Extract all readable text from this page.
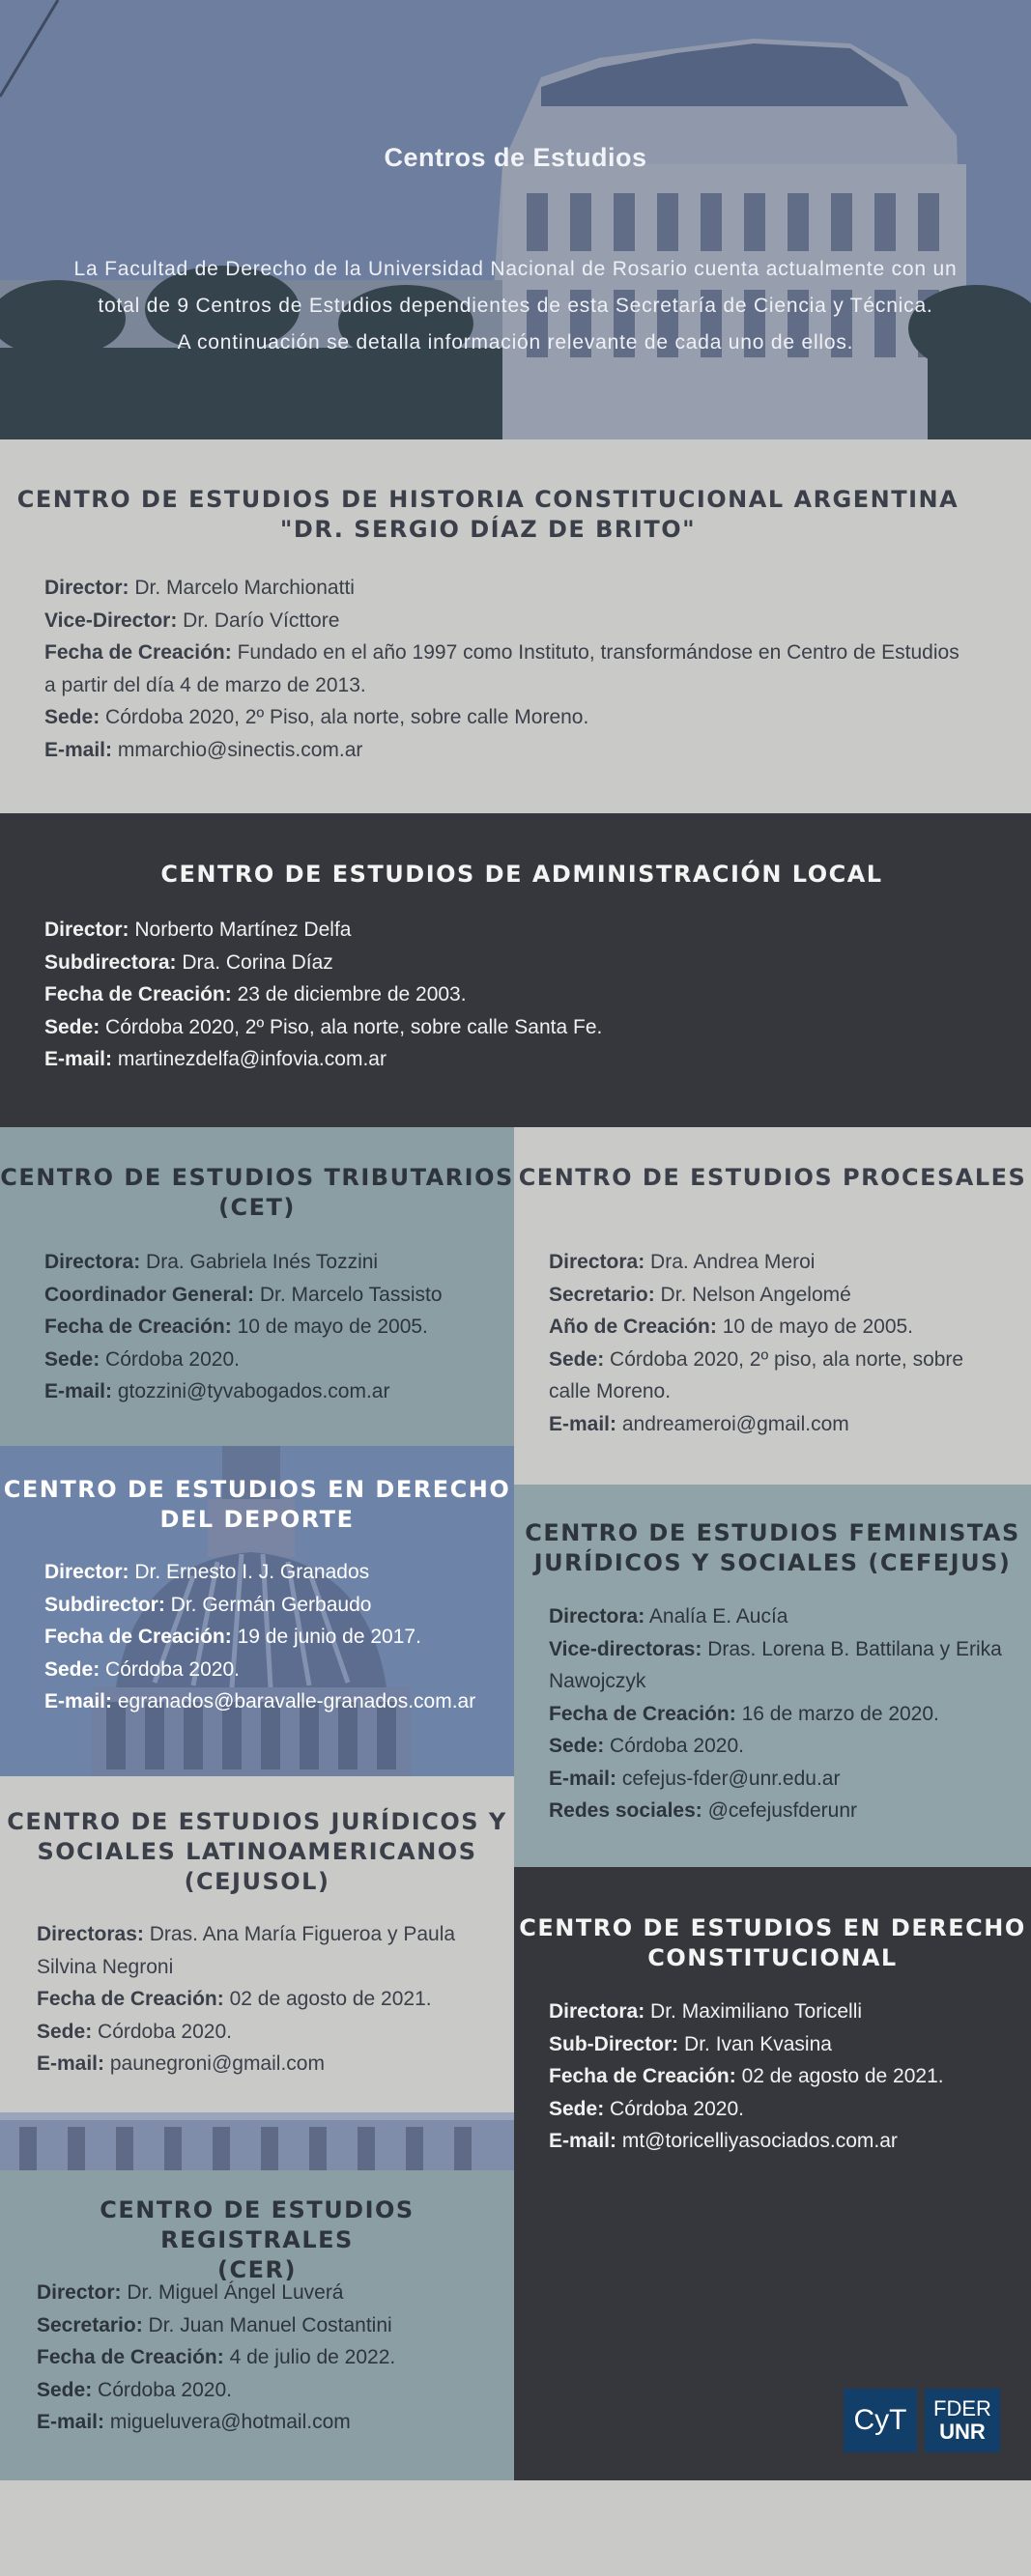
Centros de Estudios
La Facultad de Derecho de la Universidad Nacional de Rosario cuenta actualmente con un
total de 9 Centros de Estudios dependientes de esta Secretaría de Ciencia y Técnica.
A continuación se detalla información relevante de cada uno de ellos.
CENTRO DE ESTUDIOS DE HISTORIA CONSTITUCIONAL ARGENTINA
"DR. SERGIO DÍAZ DE BRITO"
Director: Dr. Marcelo Marchionatti
Vice-Director: Dr. Darío Vícttore
Fecha de Creación: Fundado en el año 1997 como Instituto, transformándose en Centro de Estudios
a partir del día 4 de marzo de 2013.
Sede: Córdoba 2020, 2º Piso, ala norte, sobre calle Moreno.
E-mail: mmarchio@sinectis.com.ar
CENTRO DE ESTUDIOS DE ADMINISTRACIÓN LOCAL
Director: Norberto Martínez Delfa
Subdirectora: Dra. Corina Díaz
Fecha de Creación: 23 de diciembre de 2003.
Sede: Córdoba 2020, 2º Piso, ala norte, sobre calle Santa Fe.
E-mail: martinezdelfa@infovia.com.ar
CENTRO DE ESTUDIOS TRIBUTARIOS
(CET)
Directora: Dra. Gabriela Inés Tozzini
Coordinador General: Dr. Marcelo Tassisto
Fecha de Creación: 10 de mayo de 2005.
Sede: Córdoba 2020.
E-mail: gtozzini@tyvabogados.com.ar
CENTRO DE ESTUDIOS PROCESALES
Directora: Dra. Andrea Meroi
Secretario: Dr. Nelson Angelomé
Año de Creación: 10 de mayo de 2005.
Sede: Córdoba 2020, 2º piso, ala norte, sobre
calle Moreno.
E-mail: andreameroi@gmail.com
CENTRO DE ESTUDIOS EN DERECHO
DEL DEPORTE
Director: Dr. Ernesto I. J. Granados
Subdirector: Dr. Germán Gerbaudo
Fecha de Creación: 19 de junio de 2017.
Sede: Córdoba 2020.
E-mail: egranados@baravalle-granados.com.ar
CENTRO DE ESTUDIOS FEMINISTAS
JURÍDICOS Y SOCIALES (CEFEJUS)
Directora: Analía E. Aucía
Vice-directoras: Dras. Lorena B. Battilana y Erika
Nawojczyk
Fecha de Creación: 16 de marzo de 2020.
Sede: Córdoba 2020.
E-mail: cefejus-fder@unr.edu.ar
Redes sociales: @cefejusfderunr
CENTRO DE ESTUDIOS JURÍDICOS Y
SOCIALES LATINOAMERICANOS
(CEJUSOL)
Directoras: Dras. Ana María Figueroa y Paula
Silvina Negroni
Fecha de Creación: 02 de agosto de 2021.
Sede: Córdoba 2020.
E-mail: paunegroni@gmail.com
CENTRO DE ESTUDIOS EN DERECHO
CONSTITUCIONAL
Directora: Dr. Maximiliano Toricelli
Sub-Director: Dr. Ivan Kvasina
Fecha de Creación: 02 de agosto de 2021.
Sede: Córdoba 2020.
E-mail: mt@toricelliyasociados.com.ar
CyT FDER
UNR
CENTRO DE ESTUDIOS REGISTRALES
(CER)
Director: Dr. Miguel Ángel Luverá
Secretario: Dr. Juan Manuel Costantini
Fecha de Creación: 4 de julio de 2022.
Sede: Córdoba 2020.
E-mail: migueluvera@hotmail.com
